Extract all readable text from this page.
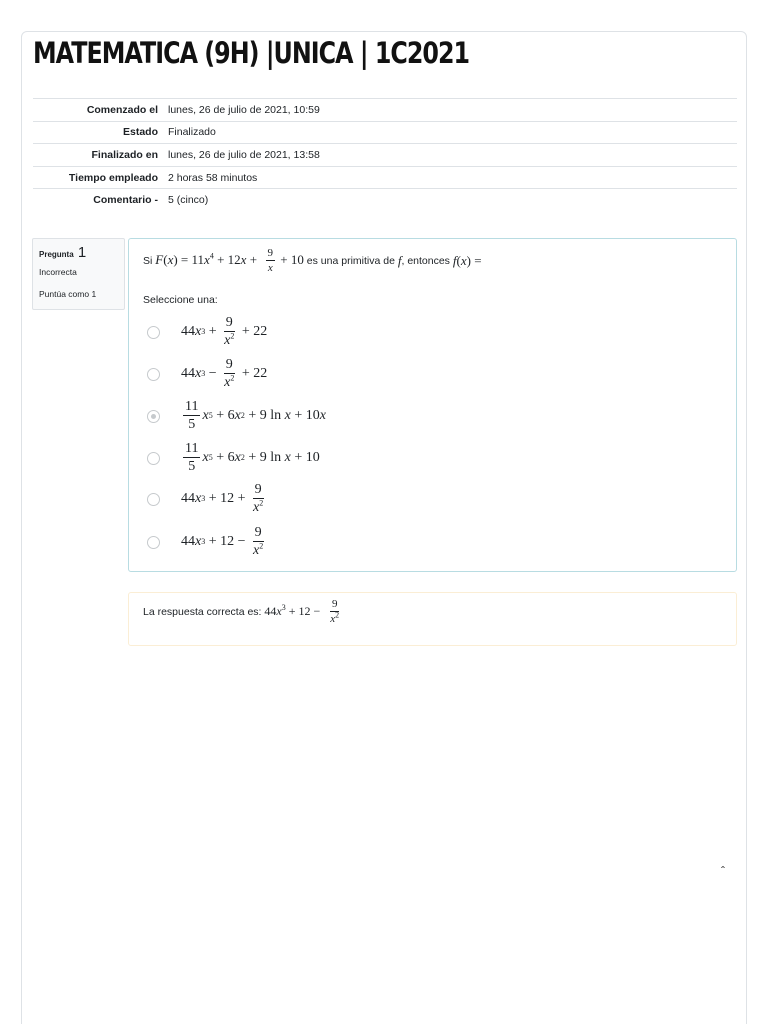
MATEMATICA (9H) |UNICA | 1C2021
Comenzado el	lunes, 26 de julio de 2021, 10:59
Estado	Finalizado
Finalizado en	lunes, 26 de julio de 2021, 13:58
Tiempo empleado	2 horas 58 minutos
Comentario -	5 (cinco)
Pregunta 1
Incorrecta
Puntúa como 1
Si
$F(x) = 11x^4 + 12x + \frac{9}{x} + 10$
es una primitiva de
f , entonces
f(x) =
Seleccione una:
44 x $3 + \frac{9}{x^2} + 22$
44 x $3 - \frac{9}{x^2} + 22$
$\frac{11}{5}$ x 5 + 6 x 2 + 9 ln x + 10 x
$\frac{11}{5}$ x 5 + 6 x 2 + 9 ln x + 10
44 x $3 + 12 + \frac{9}{x^2}$
44 x $3 + 12 - \frac{9}{x^2}$
La respuesta correcta es:
$44x^3 + 12 - \frac{9}{x^2}$
ˆ
